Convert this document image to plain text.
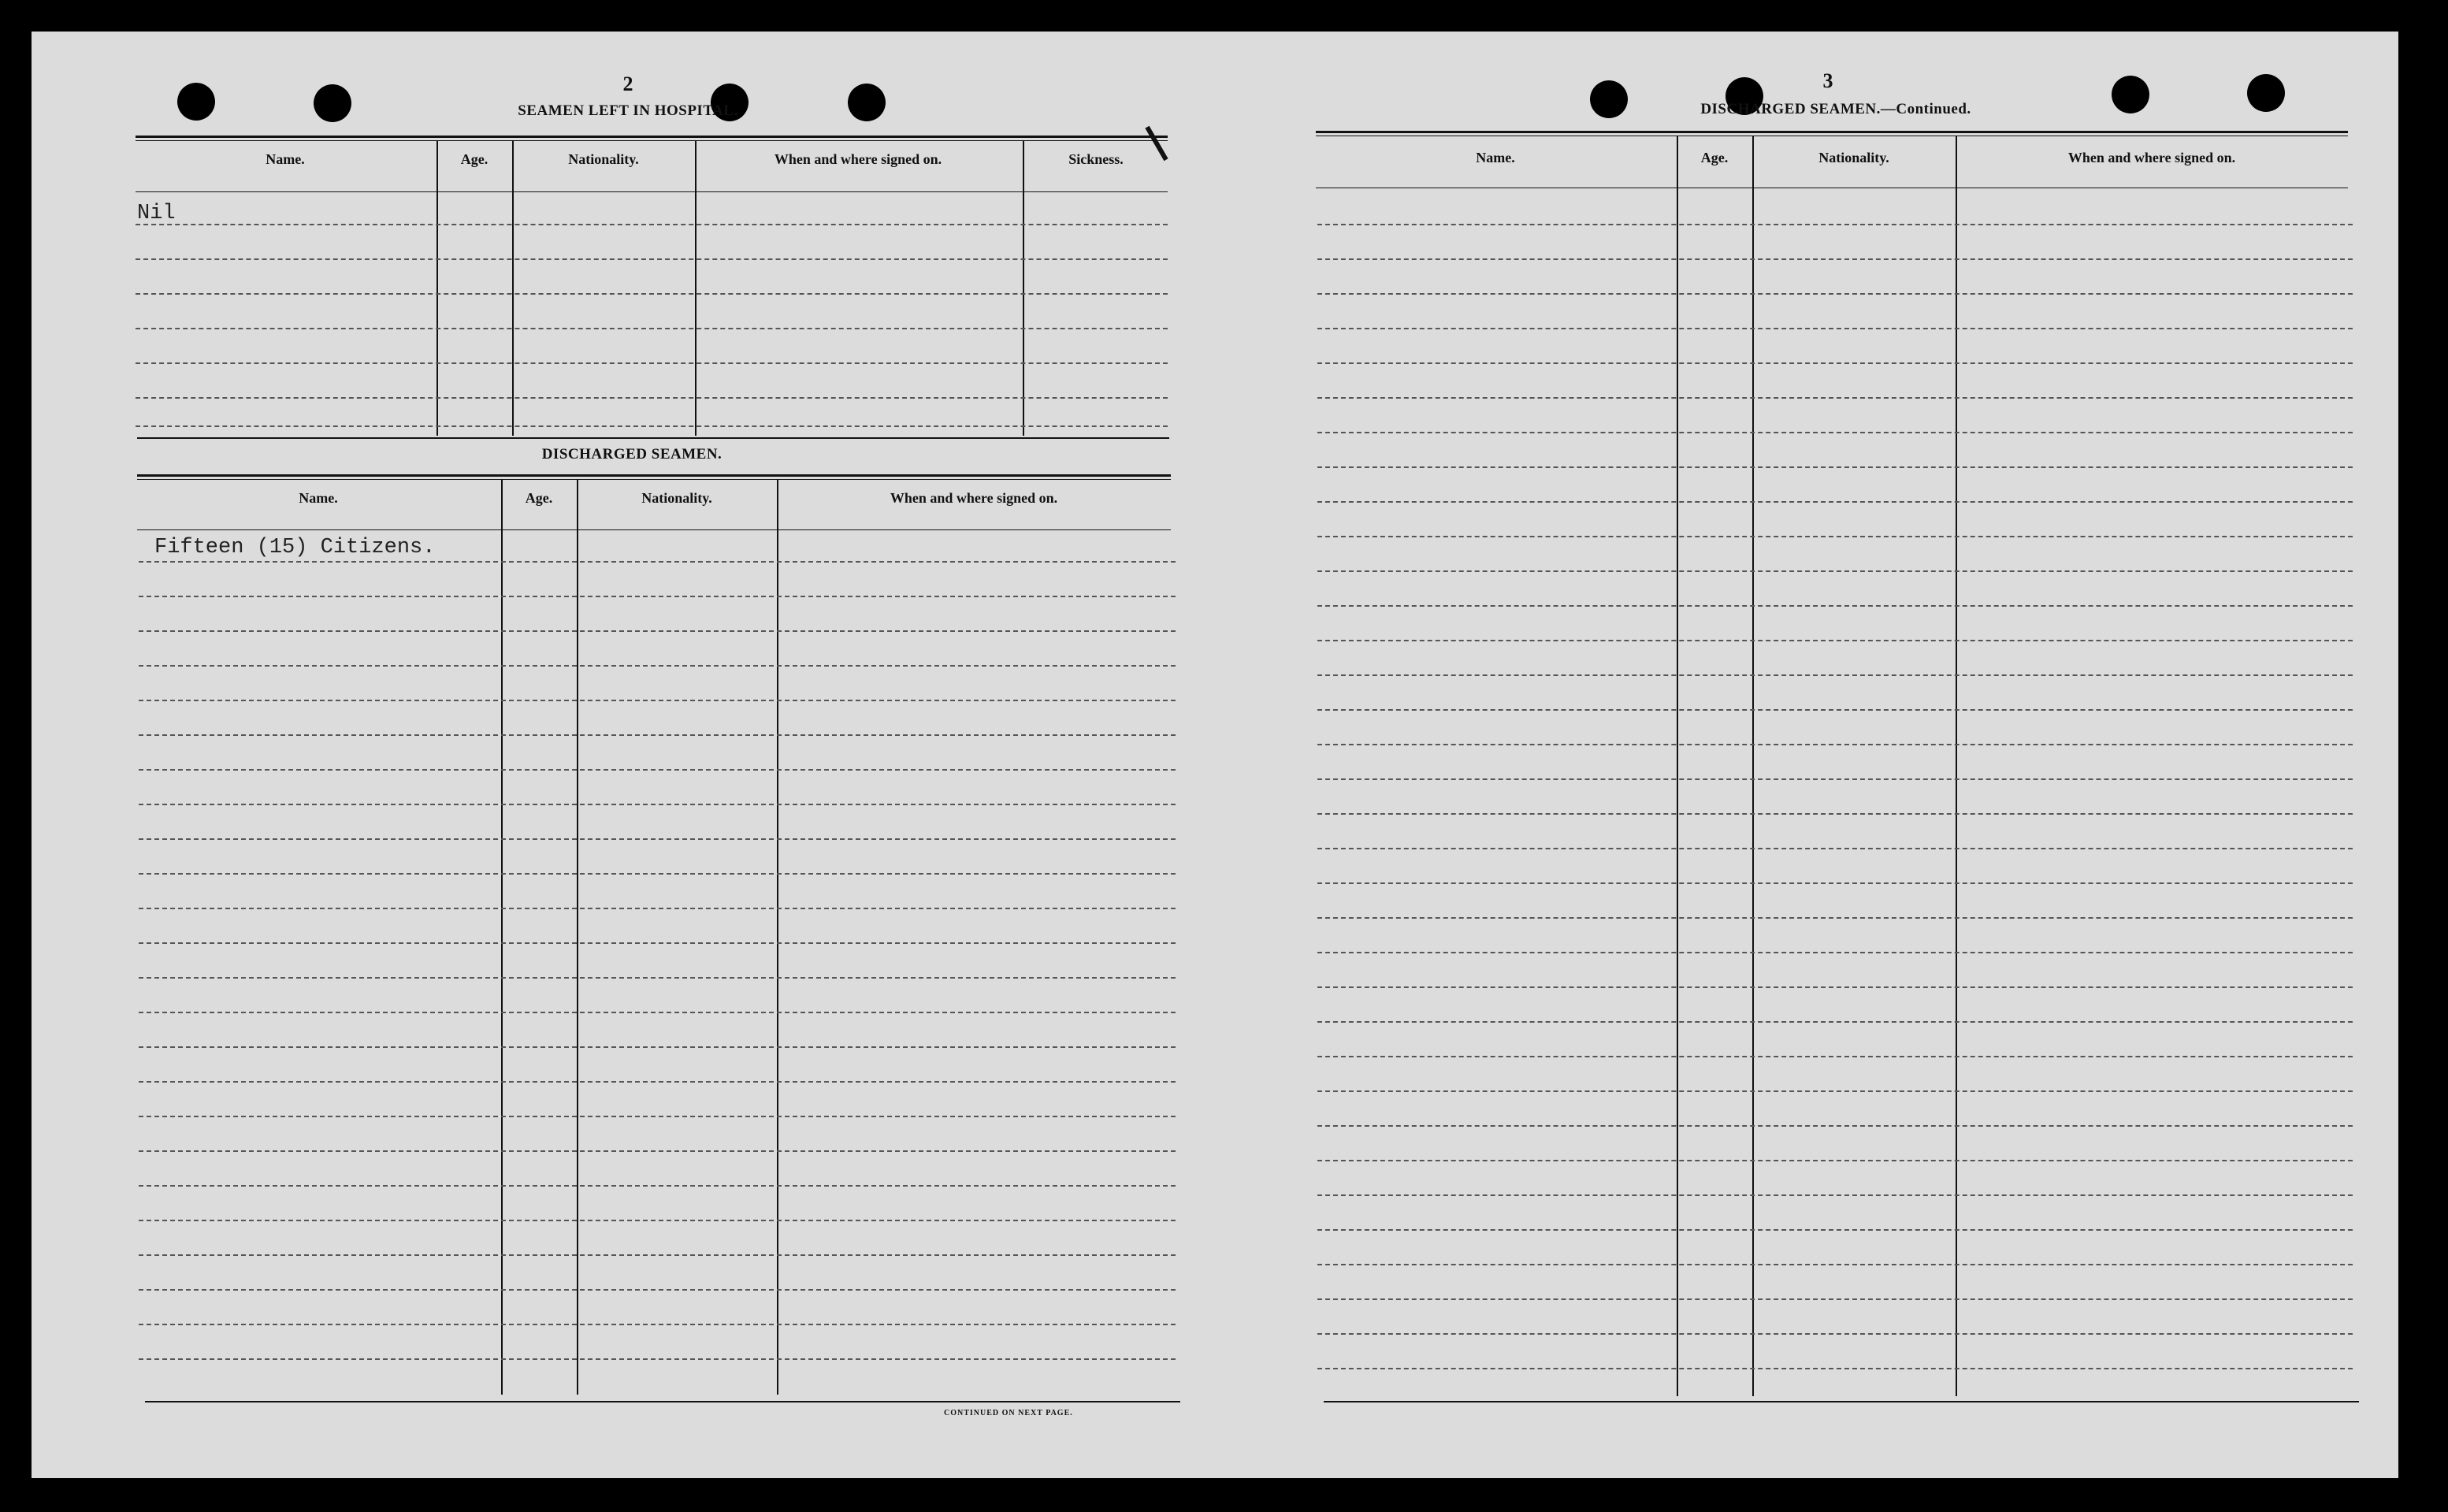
2
SEAMEN LEFT IN HOSPITAL.
Name.	Age.	Nationality.	When and where signed on.	Sickness.
Nil
DISCHARGED SEAMEN.
Name.	Age.	Nationality.	When and where signed on.
Fifteen (15) Citizens.
CONTINUED ON NEXT PAGE.
3
DISCHARGED SEAMEN.—Continued.
Name.	Age.	Nationality.	When and where signed on.
